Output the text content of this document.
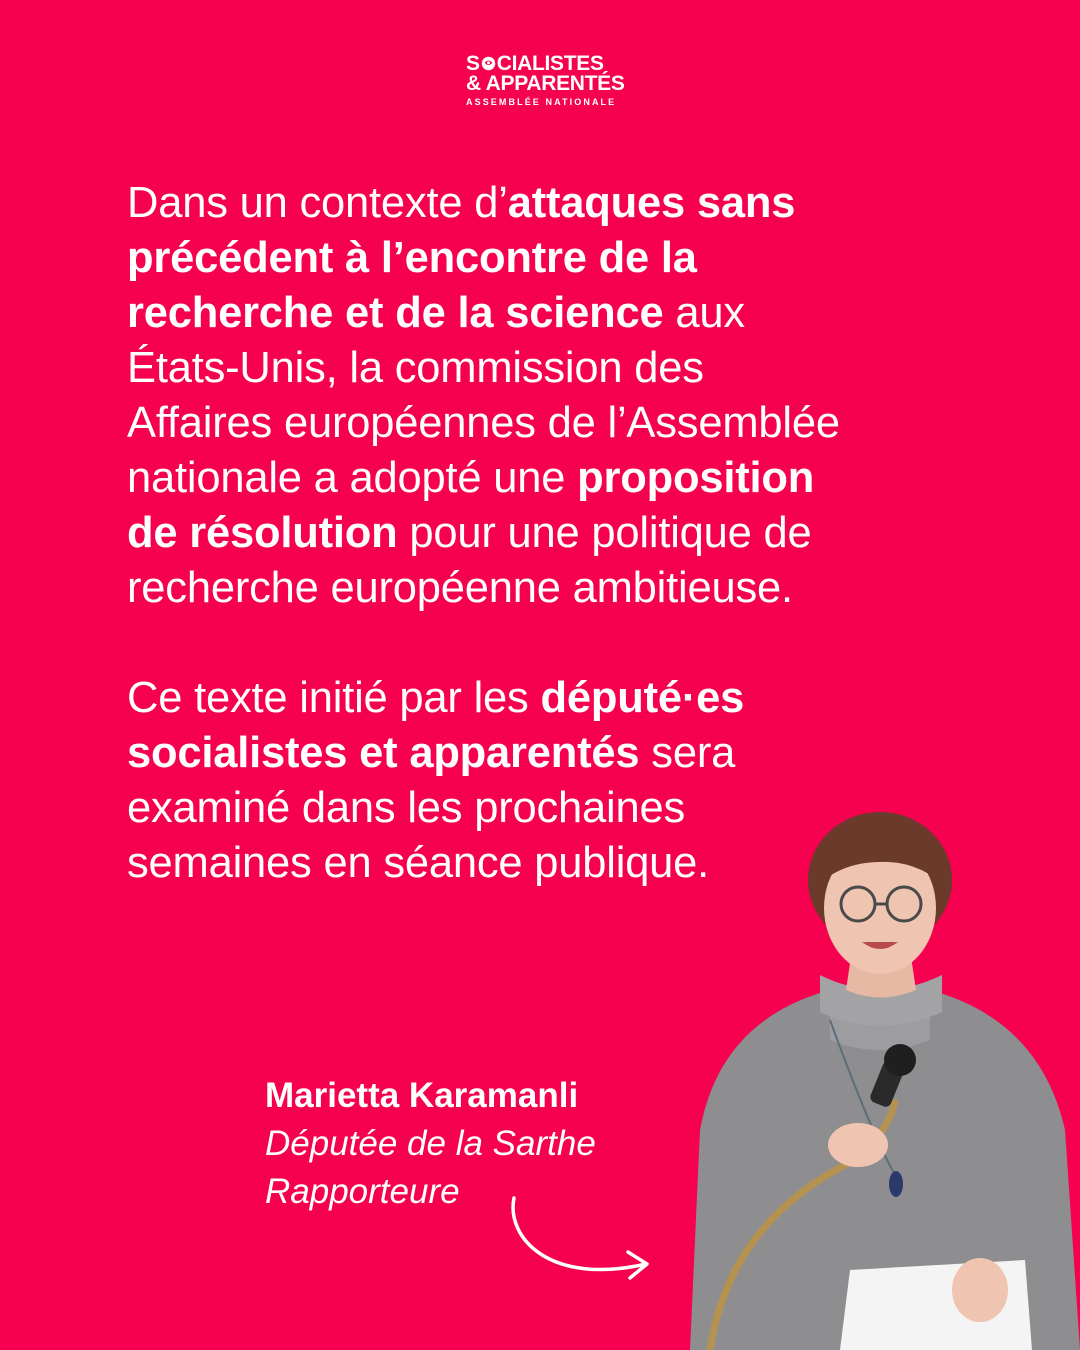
S CIALISTES
& APPARENTÉS
ASSEMBLÉE NATIONALE

Dans un contexte d’attaques sans précédent à l’encontre de la recherche et de la science aux États-Unis, la commission des Affaires européennes de l’Assemblée nationale a adopté une proposition de résolution pour une politique de recherche européenne ambitieuse.

Ce texte initié par les député·es socialistes et apparentés sera examiné dans les prochaines semaines en séance publique.

Marietta Karamanli
Députée de la Sarthe
Rapporteure
